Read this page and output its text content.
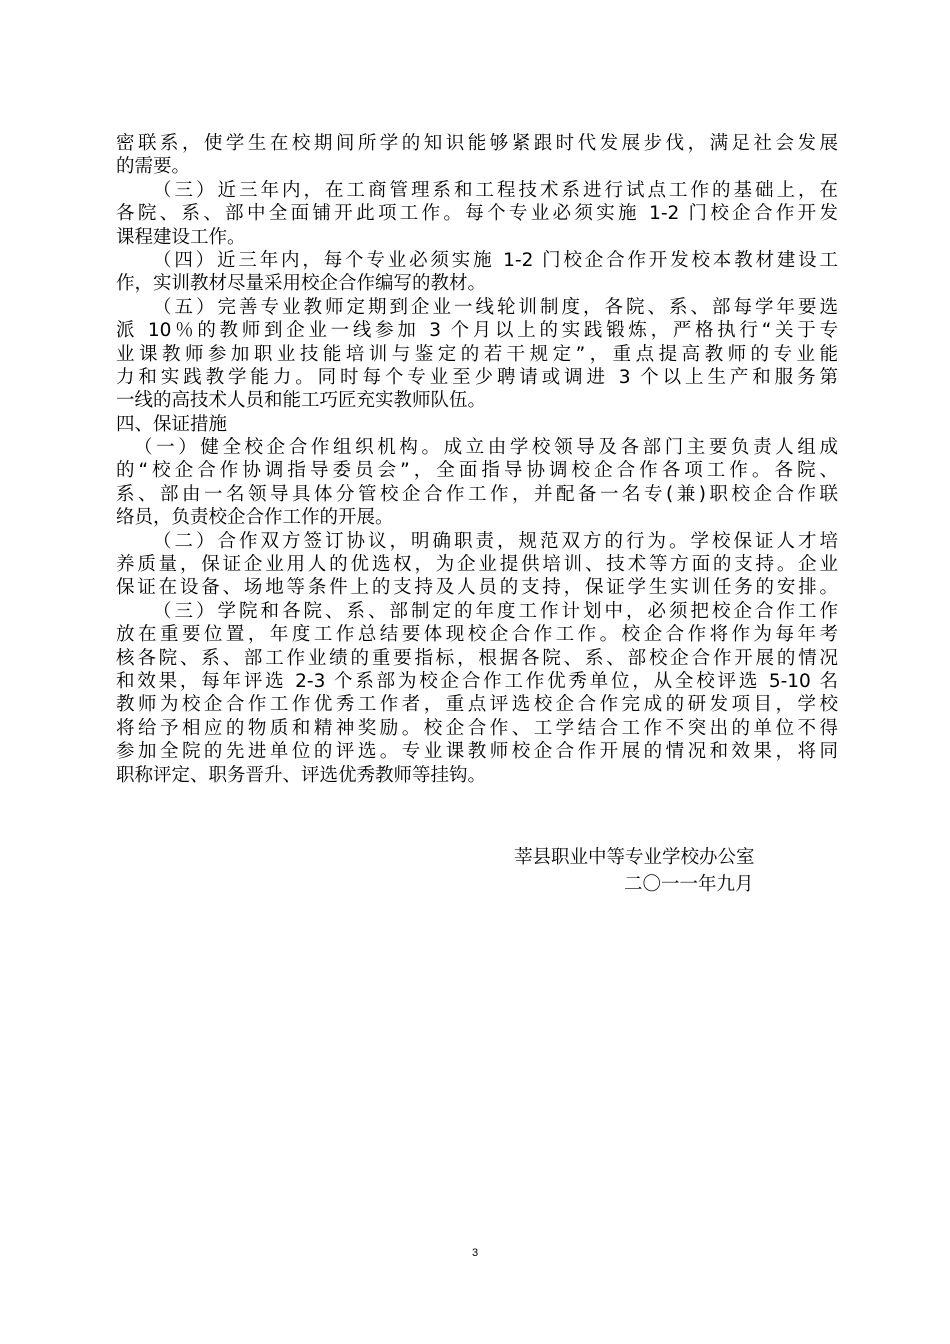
密联系，使学生在校期间所学的知识能够紧跟时代发展步伐，满足社会发展
的需要。
（三）近三年内，在工商管理系和工程技术系进行试点工作的基础上，在
各院、系、部中全面铺开此项工作。每个专业必须实施 1-2 门校企合作开发
课程建设工作。
（四）近三年内，每个专业必须实施 1-2 门校企合作开发校本教材建设工
作，实训教材尽量采用校企合作编写的教材。
（五）完善专业教师定期到企业一线轮训制度，各院、系、部每学年要选
派 10％的教师到企业一线参加 3 个月以上的实践锻炼，严格执行“关于专
业课教师参加职业技能培训与鉴定的若干规定”，重点提高教师的专业能
力和实践教学能力。同时每个专业至少聘请或调进 3 个以上生产和服务第
一线的高技术人员和能工巧匠充实教师队伍。
四、保证措施
（一）健全校企合作组织机构。成立由学校领导及各部门主要负责人组成
的“校企合作协调指导委员会”，全面指导协调校企合作各项工作。各院、
系、部由一名领导具体分管校企合作工作，并配备一名专(兼)职校企合作联
络员，负责校企合作工作的开展。
（二）合作双方签订协议，明确职责，规范双方的行为。学校保证人才培
养质量，保证企业用人的优选权，为企业提供培训、技术等方面的支持。企业
保证在设备、场地等条件上的支持及人员的支持，保证学生实训任务的安排。
（三）学院和各院、系、部制定的年度工作计划中，必须把校企合作工作
放在重要位置，年度工作总结要体现校企合作工作。校企合作将作为每年考
核各院、系、部工作业绩的重要指标，根据各院、系、部校企合作开展的情况
和效果，每年评选 2-3 个系部为校企合作工作优秀单位，从全校评选 5-10 名
教师为校企合作工作优秀工作者，重点评选校企合作完成的研发项目，学校
将给予相应的物质和精神奖励。校企合作、工学结合工作不突出的单位不得
参加全院的先进单位的评选。专业课教师校企合作开展的情况和效果，将同
职称评定、职务晋升、评选优秀教师等挂钩。
莘县职业中等专业学校办公室
二〇一一年九月
3
